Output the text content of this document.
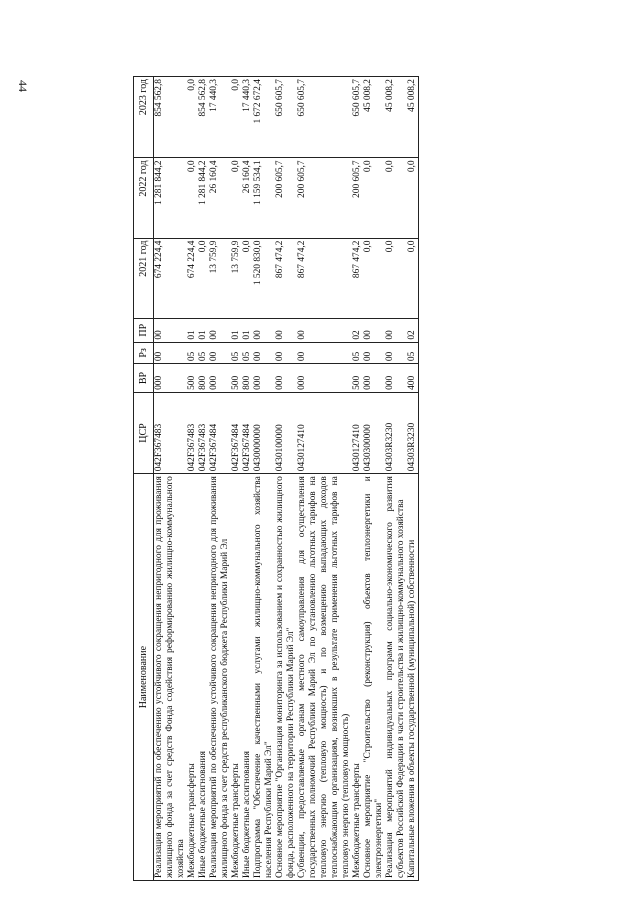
44
Наименование	ЦСР	ВР	Рз	ПР	2021 год	2022 год	2023 год
Реализация мероприятий по обеспечению устойчивого сокращения непригодного для проживания жилищного фонда за счет средств Фонда содействия реформированию жилищно-коммунального хозяйства	042F367483	000	00	00	674 224,4	1 281 844,2	854 562,8
Межбюджетные трансферты	042F367483	500	05	01	674 224,4	0,0	0,0
Иные бюджетные ассигнования	042F367483	800	05	01	0,0	1 281 844,2	854 562,8
Реализация мероприятий по обеспечению устойчивого сокращения непригодного для проживания жилищного фонда за счет средств республиканского бюджета Республики Марий Эл	042F367484	000	00	00	13 759,9	26 160,4	17 440,3
Межбюджетные трансферты	042F367484	500	05	01	13 759,9	0,0	0,0
Иные бюджетные ассигнования	042F367484	800	05	01	0,0	26 160,4	17 440,3
Подпрограмма "Обеспечение качественными услугами жилищно-коммунального хозяйства населения Республики Марий Эл"	0430000000	000	00	00	1 520 830,0	1 159 534,1	1 672 672,4
Основное мероприятие "Организация мониторинга за использованием и сохранностью жилищного фонда, расположенного на территории Республики Марий Эл"	0430100000	000	00	00	867 474,2	200 605,7	650 605,7
Субвенции, предоставляемые органам местного самоуправления для осуществления государственных полномочий Республики Марий Эл по установлению льготных тарифов на тепловую энергию (тепловую мощность) и по возмещению выпадающих доходов теплоснабжающим организациям, возникших в результате применения льготных тарифов на тепловую энергию (тепловую мощность)	0430127410	000	00	00	867 474,2	200 605,7	650 605,7
Межбюджетные трансферты	0430127410	500	05	02	867 474,2	200 605,7	650 605,7
Основное мероприятие "Строительство (реконструкция) объектов теплоэнергетики и электроэнергетики"	0430300000	000	00	00	0,0	0,0	45 008,2
Реализация мероприятий индивидуальных программ социально-экономического развития субъектов Российской Федерации в части строительства и жилищно-коммунального хозяйства	04303R3230	000	00	00	0,0	0,0	45 008,2
Капитальные вложения в объекты государственной (муниципальной) собственности	04303R3230	400	05	02	0,0	0,0	45 008,2
